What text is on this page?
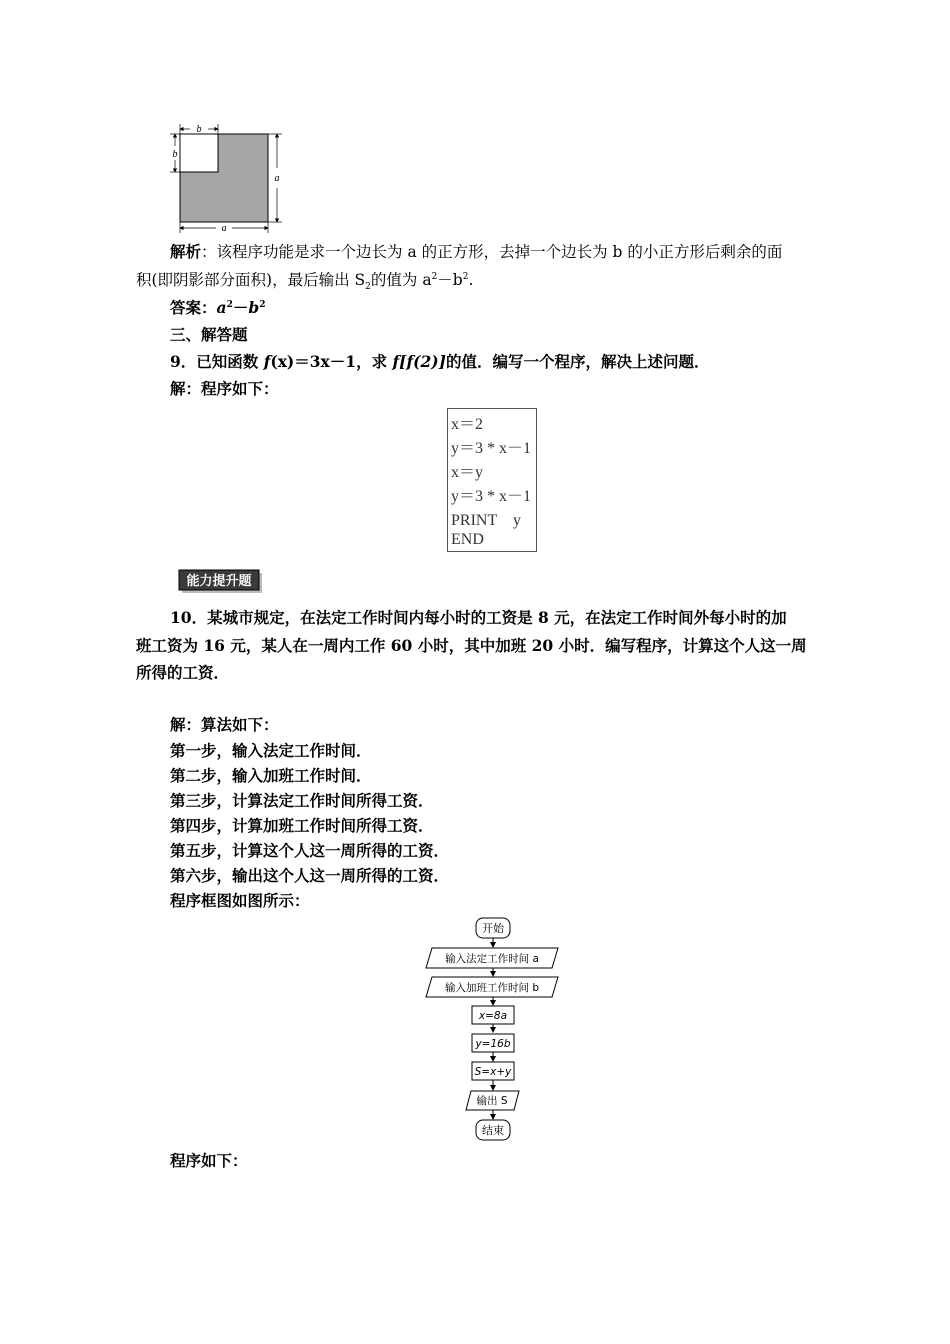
b
b
a
a
解析：该程序功能是求一个边长为 a 的正方形，去掉一个边长为 b 的小正方形后剩余的面
积(即阴影部分面积)，最后输出 $S_2$的值为 $a^2-b^2$.
答案：$a^2-b^2$
三、解答题
9．已知函数 f(x)＝3x－1，求 f[f(2)]的值．编写一个程序，解决上述问题．
解：程序如下：
x＝2
y＝3 * x－1
x＝y
y＝3 * x－1
PRINT　y
END
能力提升题
10．某城市规定，在法定工作时间内每小时的工资是 8 元，在法定工作时间外每小时的加
班工资为 16 元，某人在一周内工作 60 小时，其中加班 20 小时．编写程序，计算这个人这一周
所得的工资．
解：算法如下：
第一步，输入法定工作时间．
第二步，输入加班工作时间．
第三步，计算法定工作时间所得工资．
第四步，计算加班工作时间所得工资．
第五步，计算这个人这一周所得的工资．
第六步，输出这个人这一周所得的工资．
程序框图如图所示：
开始
输入法定工作时间 a
输入加班工作时间 b
x=8a
y=16b
S=x+y
输出 S
结束
程序如下：
